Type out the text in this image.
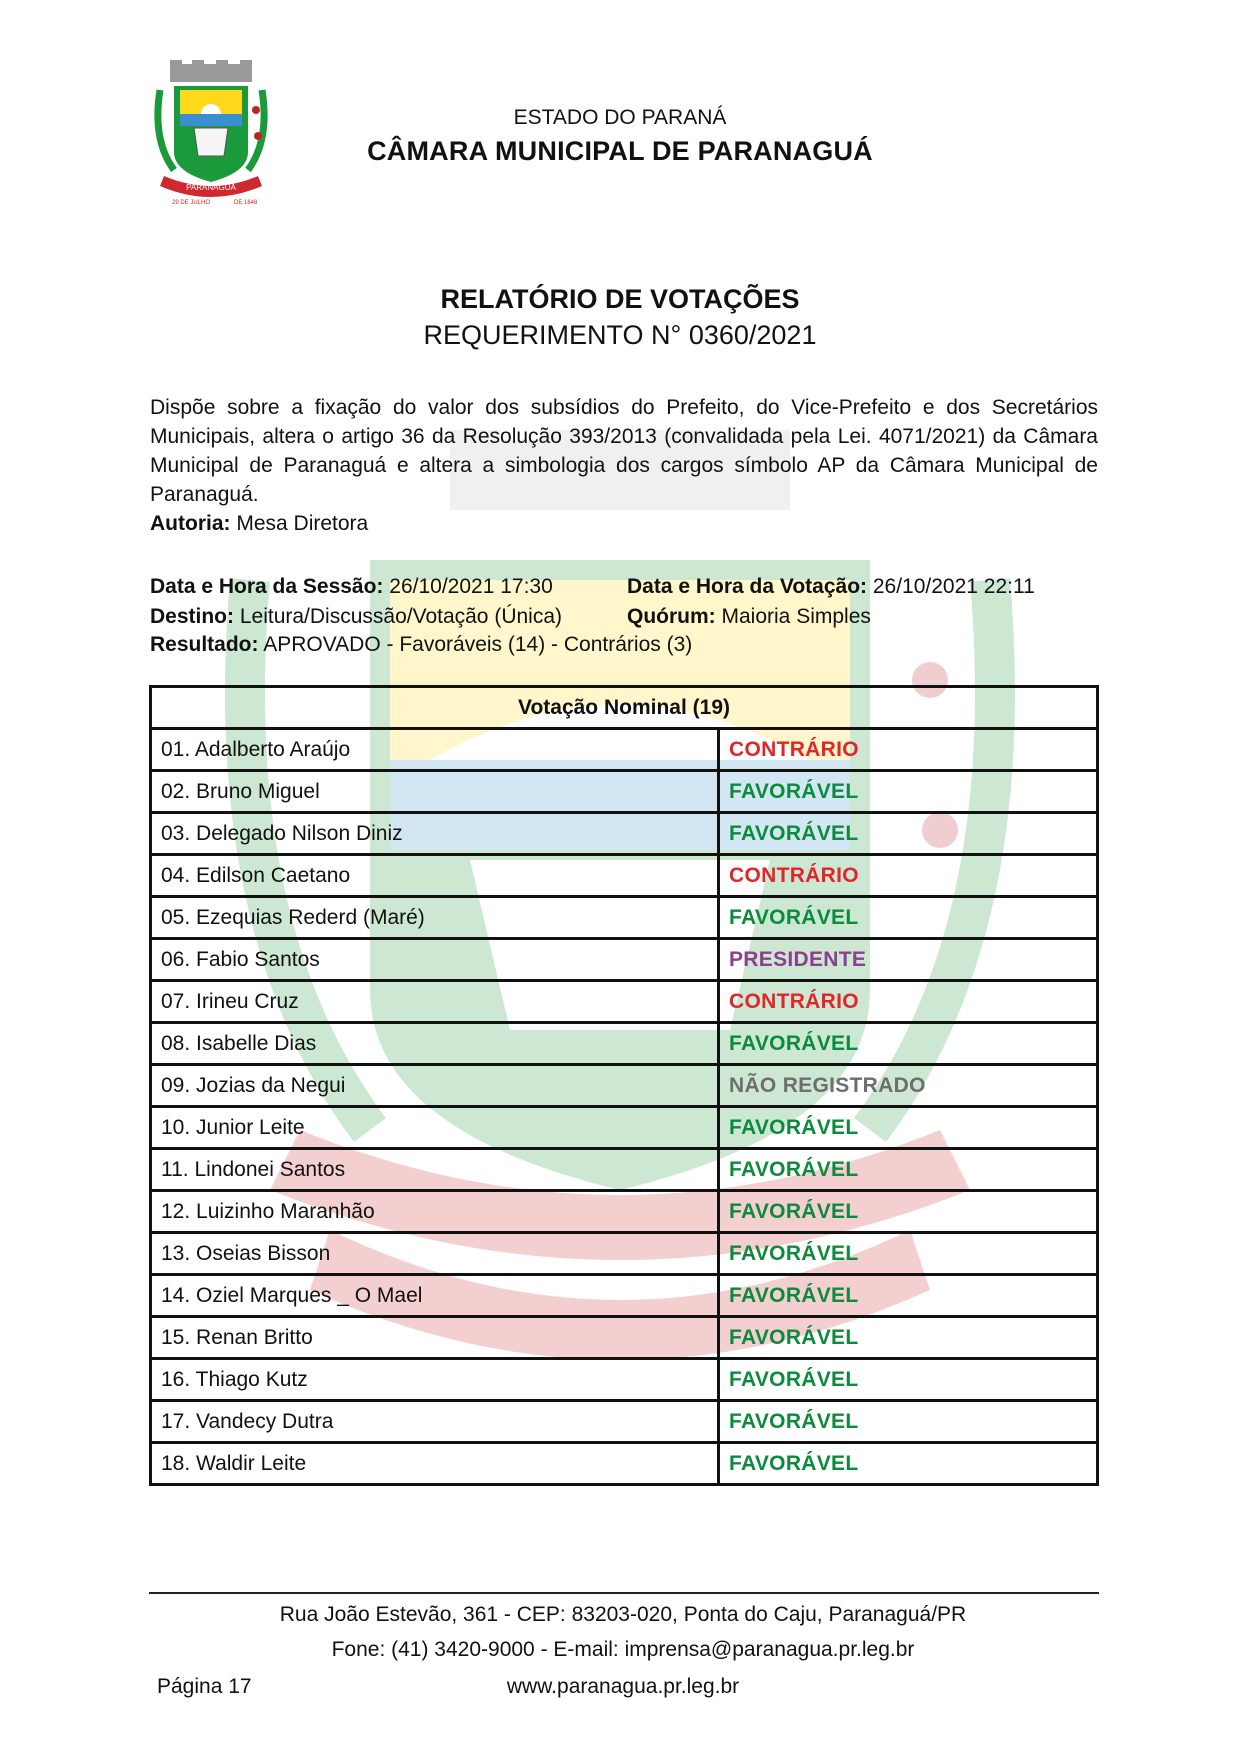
PARANAGUÁ
29 DE JULHO	DE 1648
ESTADO DO PARANÁ
CÂMARA MUNICIPAL DE PARANAGUÁ
RELATÓRIO DE VOTAÇÕES
REQUERIMENTO N° 0360/2021
Dispõe sobre a fixação do valor dos subsídios do Prefeito, do Vice-Prefeito e dos Secretários Municipais, altera o artigo 36 da Resolução 393/2013 (convalidada pela Lei. 4071/2021) da Câmara Municipal de Paranaguá e altera a simbologia dos cargos símbolo AP da Câmara Municipal de Paranaguá.
Autoria: Mesa Diretora
Data e Hora da Sessão: 26/10/2021 17:30	Data e Hora da Votação: 26/10/2021 22:11
Destino: Leitura/Discussão/Votação (Única)	Quórum: Maioria Simples
Resultado: APROVADO - Favoráveis (14) - Contrários (3)
Votação Nominal (19)	
01. Adalberto Araújo	CONTRÁRIO
02. Bruno Miguel	FAVORÁVEL
03. Delegado Nilson Diniz	FAVORÁVEL
04. Edilson Caetano	CONTRÁRIO
05. Ezequias Rederd (Maré)	FAVORÁVEL
06. Fabio Santos	PRESIDENTE
07. Irineu Cruz	CONTRÁRIO
08. Isabelle Dias	FAVORÁVEL
09. Jozias da Negui	NÃO REGISTRADO
10. Junior Leite	FAVORÁVEL
11. Lindonei Santos	FAVORÁVEL
12. Luizinho Maranhão	FAVORÁVEL
13. Oseias Bisson	FAVORÁVEL
14. Oziel Marques _ O Mael	FAVORÁVEL
15. Renan Britto	FAVORÁVEL
16. Thiago Kutz	FAVORÁVEL
17. Vandecy Dutra	FAVORÁVEL
18. Waldir Leite	FAVORÁVEL
Rua João Estevão, 361 - CEP: 83203-020, Ponta do Caju, Paranaguá/PR
Fone: (41) 3420-9000 - E-mail: imprensa@paranagua.pr.leg.br
www.paranagua.pr.leg.br
Página 17
